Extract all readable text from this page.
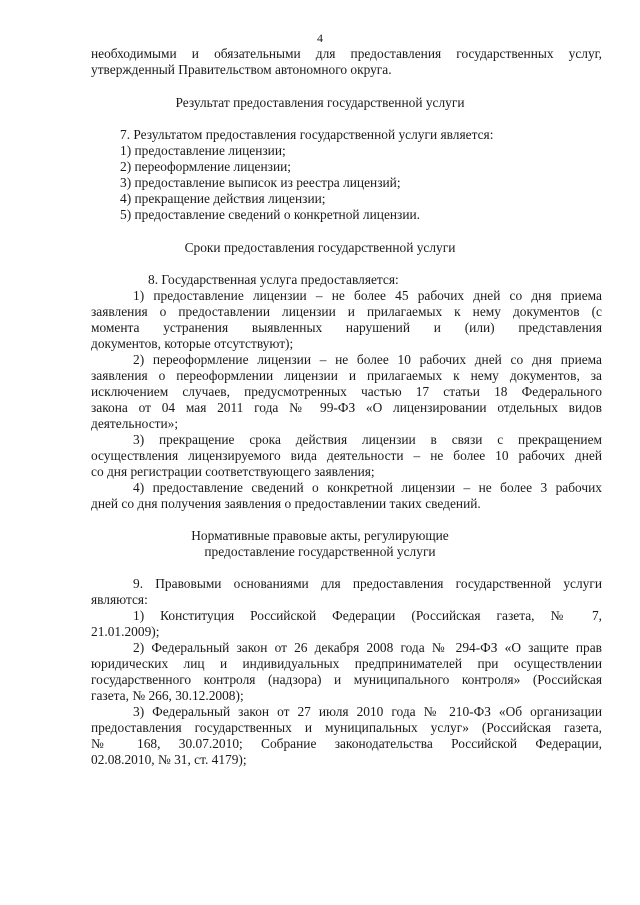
4

необходимыми и обязательными для предоставления государственных услуг,

утвержденный Правительством автономного округа.

Результат предоставления государственной услуги

7. Результатом предоставления государственной услуги является:

1) предоставление лицензии;

2) переоформление лицензии;

3) предоставление выписок из реестра лицензий;

4) прекращение действия лицензии;

5) предоставление сведений о конкретной лицензии.

Сроки предоставления государственной услуги

8. Государственная услуга предоставляется:

1) предоставление лицензии – не более 45 рабочих дней со дня приема

заявления о предоставлении лицензии и прилагаемых к нему документов (с

момента устранения выявленных нарушений и (или) представления

документов, которые отсутствуют);

2) переоформление лицензии – не более 10 рабочих дней со дня приема

заявления о переоформлении лицензии и прилагаемых к нему документов, за

исключением случаев, предусмотренных частью 17 статьи 18 Федерального

закона от 04 мая 2011 года № 99-ФЗ «О лицензировании отдельных видов

деятельности»;

3) прекращение срока действия лицензии в связи с прекращением

осуществления лицензируемого вида деятельности – не более 10 рабочих дней

со дня регистрации соответствующего заявления;

4) предоставление сведений о конкретной лицензии – не более 3 рабочих

дней со дня получения заявления о предоставлении таких сведений.

Нормативные правовые акты, регулирующие

предоставление государственной услуги

9. Правовыми основаниями для предоставления государственной услуги

являются:

1) Конституция Российской Федерации (Российская газета, № 7,

21.01.2009);

2) Федеральный закон от 26 декабря 2008 года № 294-ФЗ «О защите прав

юридических лиц и индивидуальных предпринимателей при осуществлении

государственного контроля (надзора) и муниципального контроля» (Российская

газета, № 266, 30.12.2008);

3) Федеральный закон от 27 июля 2010 года № 210-ФЗ «Об организации

предоставления государственных и муниципальных услуг» (Российская газета,

№ 168, 30.07.2010; Собрание законодательства Российской Федерации,

02.08.2010, № 31, ст. 4179);
